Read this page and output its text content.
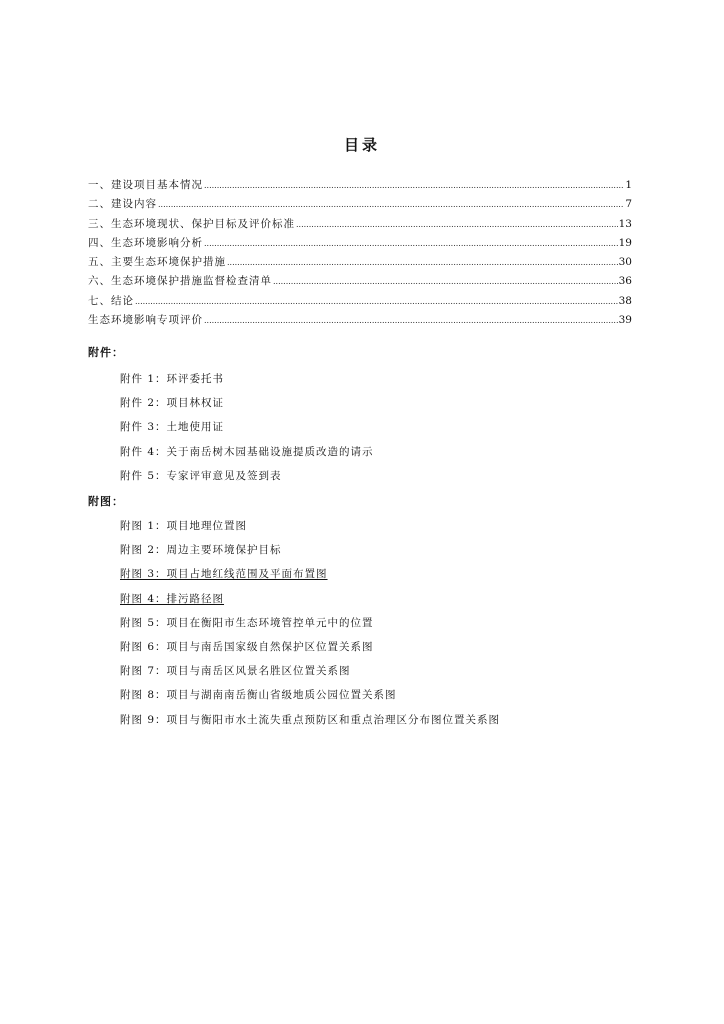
目录
一、建设项目基本情况 .....	1
二、建设内容 .....	7
三、生态环境现状、保护目标及评价标准 .....	13
四、生态环境影响分析 .....	19
五、主要生态环境保护措施 .....	30
六、生态环境保护措施监督检查清单 .....	36
七、结论 .....	38
生态环境影响专项评价 .....	39
附件：
附件 1：环评委托书
附件 2：项目林权证
附件 3：土地使用证
附件 4：关于南岳树木园基础设施提质改造的请示
附件 5：专家评审意见及签到表
附图：
附图 1：项目地理位置图
附图 2：周边主要环境保护目标
附图 3：项目占地红线范围及平面布置图
附图 4：排污路径图
附图 5：项目在衡阳市生态环境管控单元中的位置
附图 6：项目与南岳国家级自然保护区位置关系图
附图 7：项目与南岳区风景名胜区位置关系图
附图 8：项目与湖南南岳衡山省级地质公园位置关系图
附图 9：项目与衡阳市水土流失重点预防区和重点治理区分布图位置关系图
